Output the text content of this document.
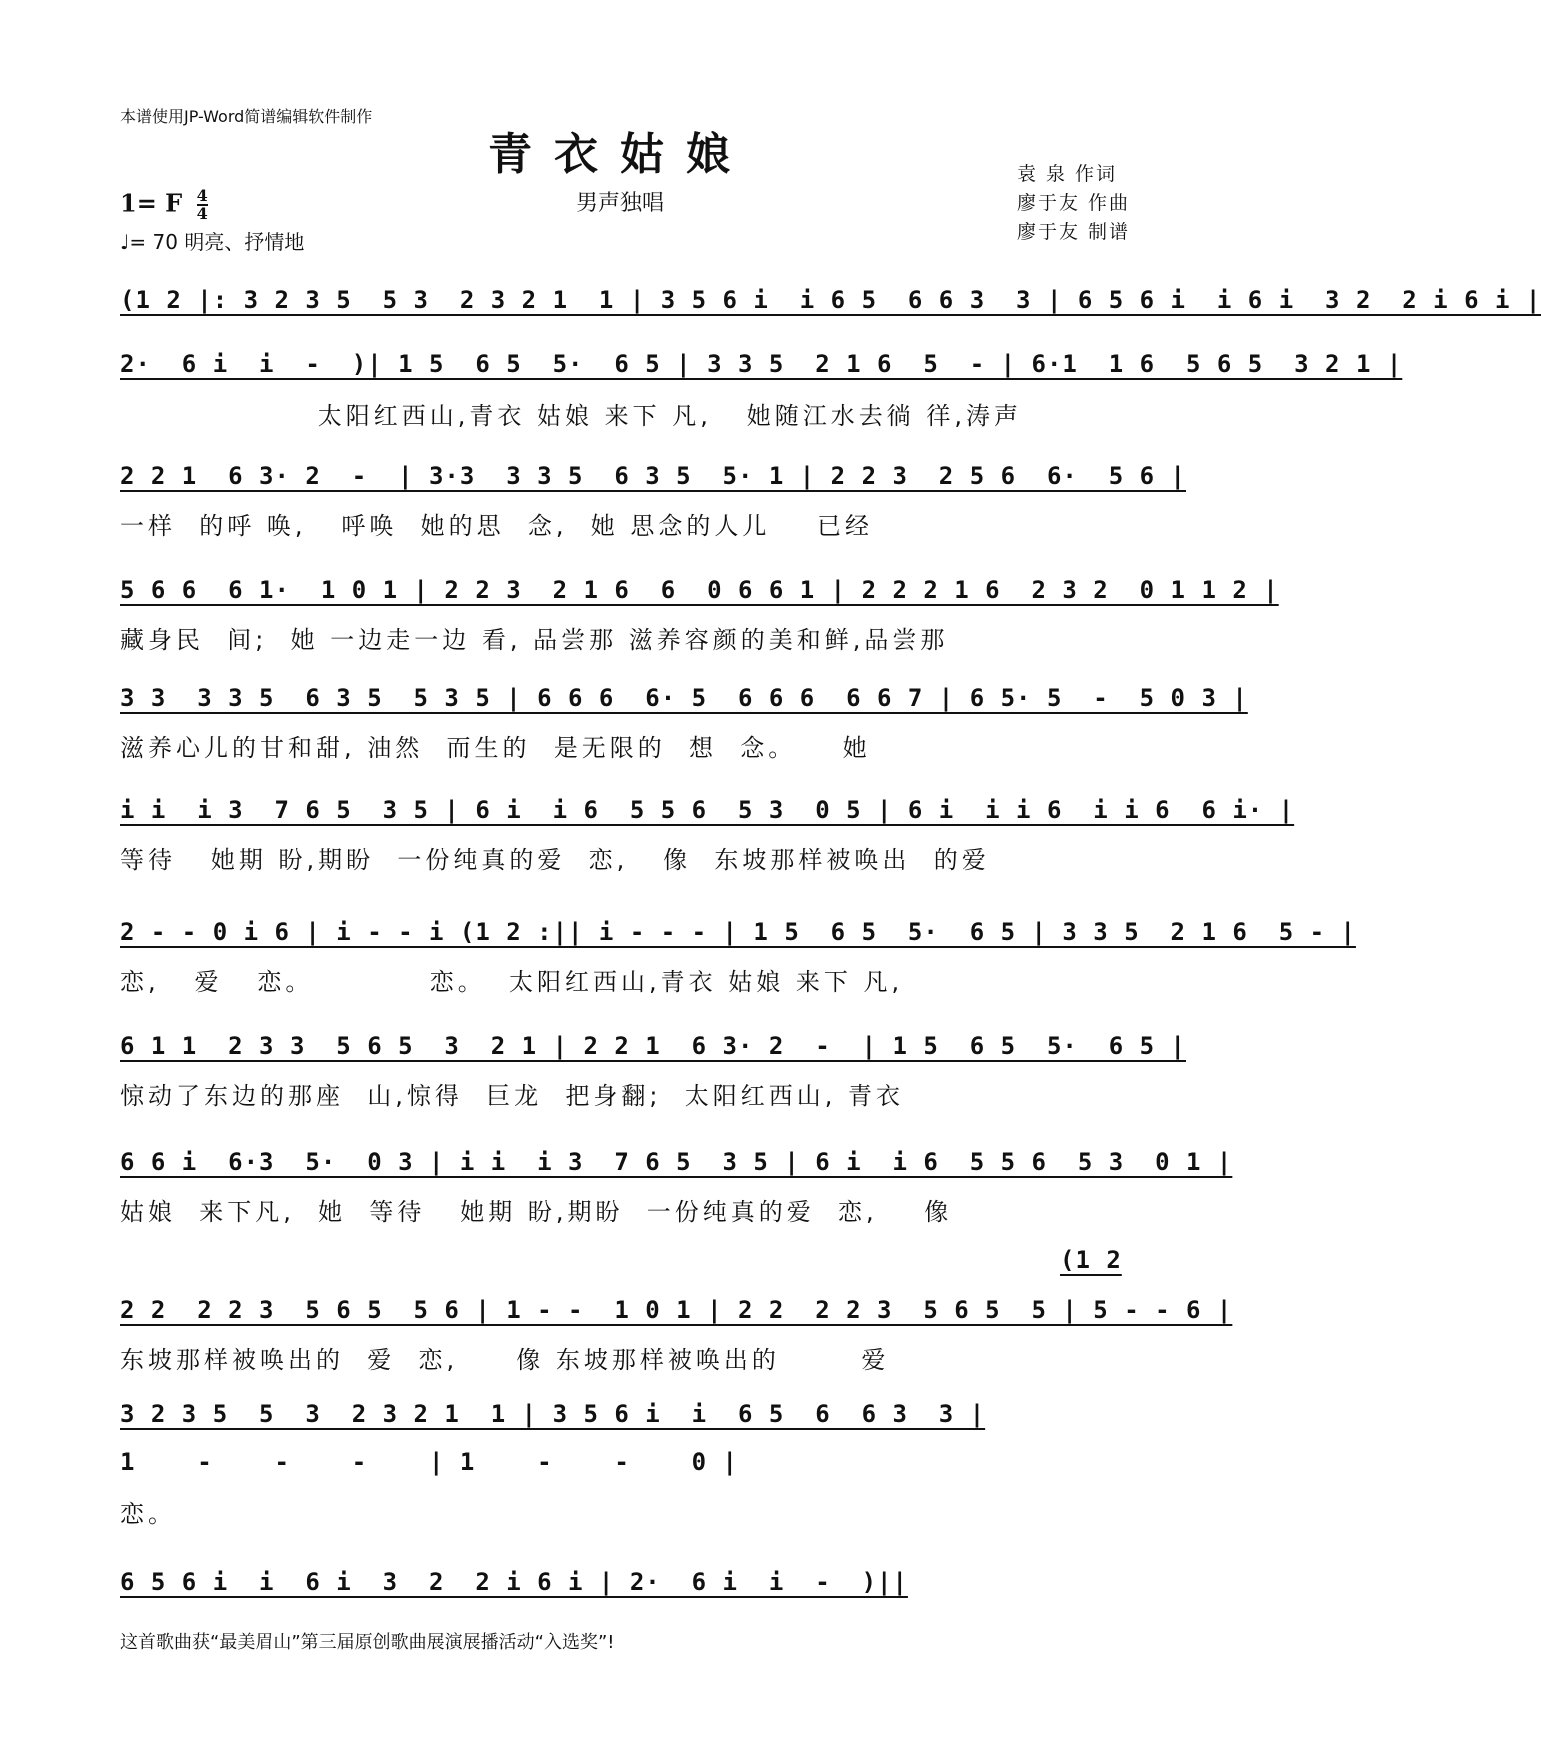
本谱使用JP-Word简谱编辑软件制作
青衣姑娘
男声独唱
袁 泉 作词
廖于友 作曲
廖于友 制谱
1= F $\frac{4}{4}$
♩= 70 明亮、抒情地
(1 2 |: 3 2 3 5  5 3  2 3 2 1  1 | 3 5 6 i  i 6 5  6 6 3  3 | 6 5 6 i  i 6 i  3 2  2 i 6 i |
2·  6 i  i  -  )| 1 5  6 5  5·  6 5 | 3 3 5  2 1 6  5  - | 6·1  1 6  5 6 5  3 2 1 |
太阳红西山,青衣 姑娘 来下 凡,   她随江水去徜 徉,涛声
2 2 1  6 3· 2  -  | 3·3  3 3 5  6 3 5  5· 1 | 2 2 3  2 5 6  6·  5 6 |
一样  的呼 唤,   呼唤  她的思  念,  她 思念的人儿    已经
5 6 6  6 1·  1 0 1 | 2 2 3  2 1 6  6  0 6 6 1 | 2 2 2 1 6  2 3 2  0 1 1 2 |
藏身民  间;  她 一边走一边 看, 品尝那 滋养容颜的美和鲜,品尝那
3 3  3 3 5  6 3 5  5 3 5 | 6 6 6  6· 5  6 6 6  6 6 7 | 6 5· 5  -  5 0 3 |
滋养心儿的甘和甜, 油然  而生的  是无限的  想  念。    她
i i  i 3  7 6 5  3 5 | 6 i  i 6  5 5 6  5 3  0 5 | 6 i  i i 6  i i 6  6 i· |
等待   她期 盼,期盼  一份纯真的爱  恋,   像  东坡那样被唤出  的爱
2 - - 0 i 6 | i - - i (1 2 :|| i - - - | 1 5  6 5  5·  6 5 | 3 3 5  2 1 6  5 - |
恋,   爱   恋。          恋。  太阳红西山,青衣 姑娘 来下 凡,
6 1 1  2 3 3  5 6 5  3  2 1 | 2 2 1  6 3· 2  -  | 1 5  6 5  5·  6 5 |
惊动了东边的那座  山,惊得  巨龙  把身翻;  太阳红西山, 青衣
6 6 i  6·3  5·  0 3 | i i  i 3  7 6 5  3 5 | 6 i  i 6  5 5 6  5 3  0 1 |
姑娘  来下凡,  她  等待   她期 盼,期盼  一份纯真的爱  恋,    像
(1 2
2 2  2 2 3  5 6 5  5 6 | 1 - -  1 0 1 | 2 2  2 2 3  5 6 5  5 | 5 - - 6 |
东坡那样被唤出的  爱  恋,     像 东坡那样被唤出的       爱
3 2 3 5  5  3  2 3 2 1  1 | 3 5 6 i  i  6 5  6  6 3  3 |
1    -    -    -    | 1    -    -    0 |
恋。
6 5 6 i  i  6 i  3  2  2 i 6 i | 2·  6 i  i  -  )||
这首歌曲获“最美眉山”第三届原创歌曲展演展播活动“入选奖”!
